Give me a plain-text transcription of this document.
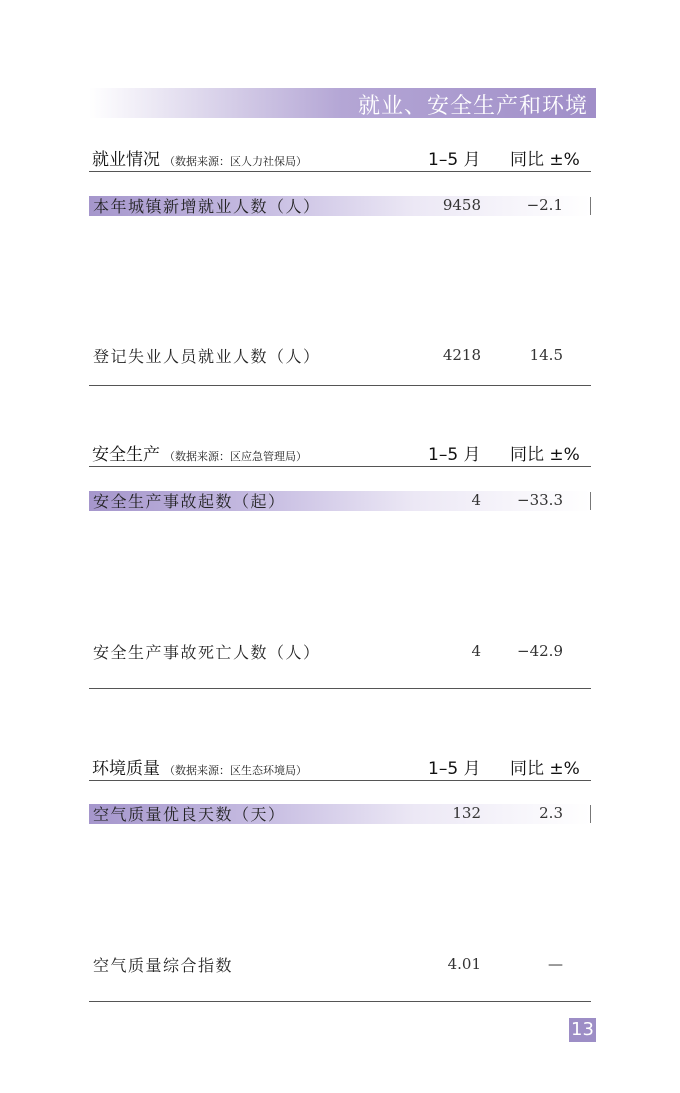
就业、安全生产和环境
就业情况 （数据来源：区人力社保局）	1–5 月 同比 ±%
本年城镇新增就业人数（人）	9458	−2.1
登记失业人员就业人数（人）	4218	14.5
安全生产 （数据来源：区应急管理局）	1–5 月 同比 ±%
安全生产事故起数（起）	4 −33.3
安全生产事故死亡人数（人）	4 −42.9
环境质量 （数据来源：区生态环境局）	1–5 月 同比 ±%
空气质量优良天数（天）	132	2.3
空气质量综合指数	4.01	—
13
